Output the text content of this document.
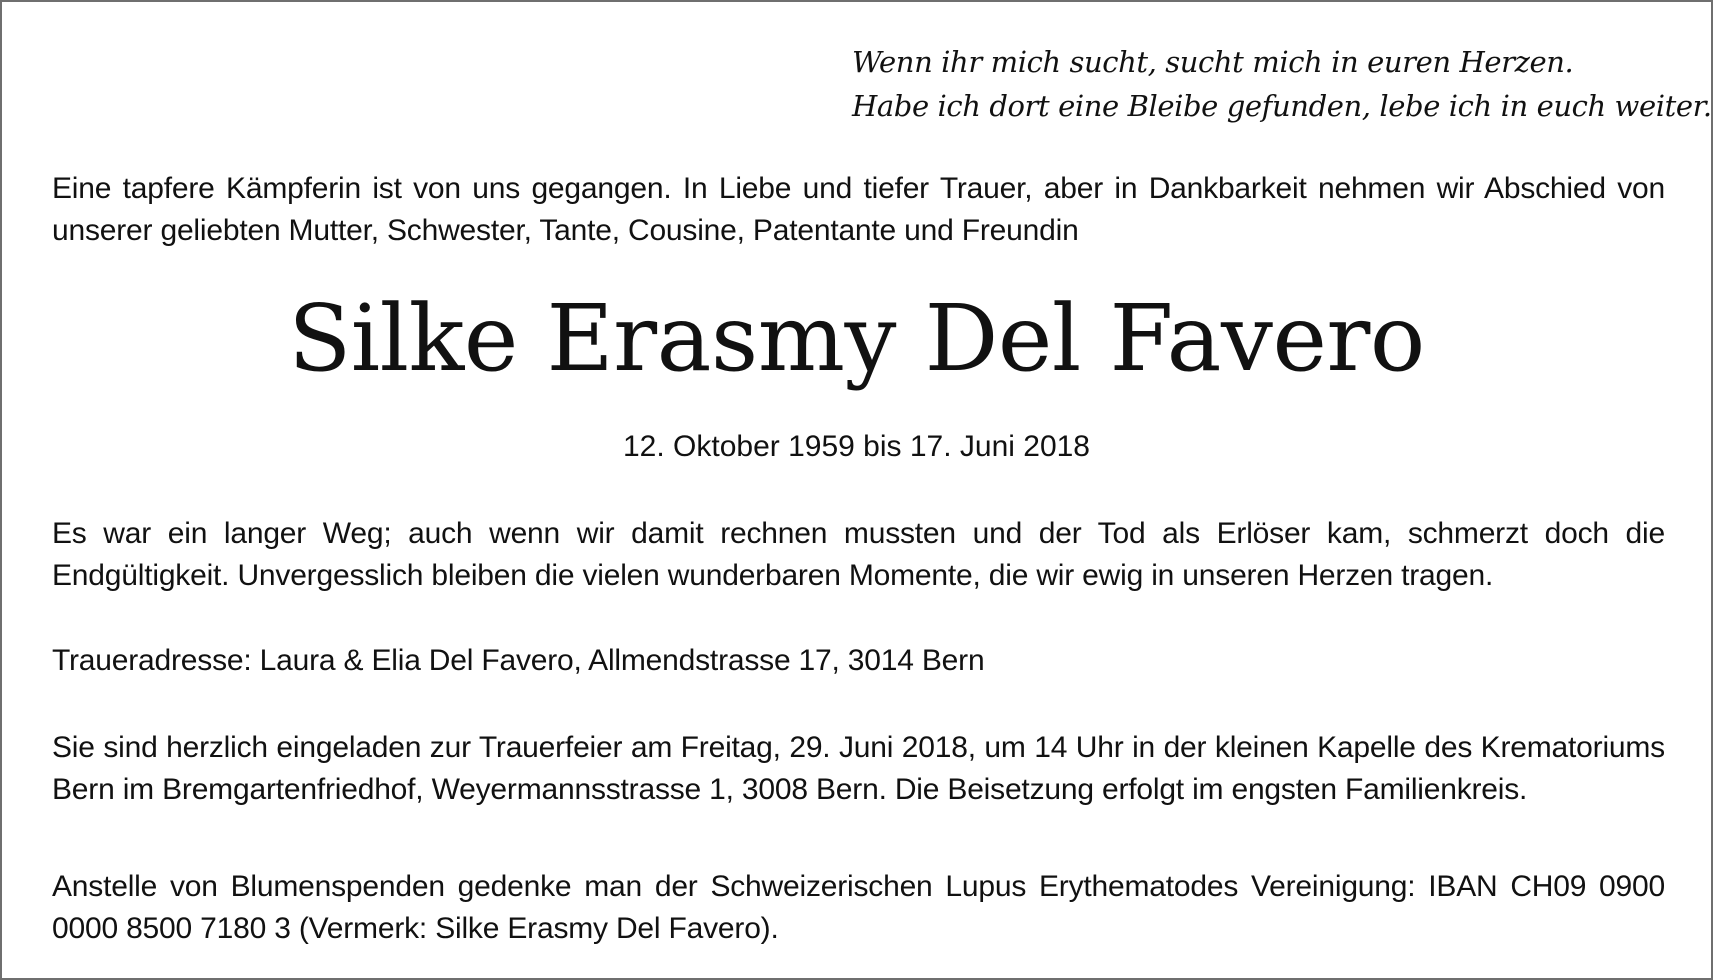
Wenn ihr mich sucht, sucht mich in euren Herzen.
Habe ich dort eine Bleibe gefunden, lebe ich in euch weiter.
Eine tapfere Kämpferin ist von uns gegangen. In Liebe und tiefer Trauer, aber in Dankbarkeit nehmen wir Abschied von unserer geliebten Mutter, Schwester, Tante, Cousine, Patentante und Freundin
Silke Erasmy Del Favero
12. Oktober 1959 bis 17. Juni 2018
Es war ein langer Weg; auch wenn wir damit rechnen mussten und der Tod als Erlöser kam, schmerzt doch die Endgültigkeit. Unvergesslich bleiben die vielen wunderbaren Momente, die wir ewig in unseren Herzen tragen.
Traueradresse: Laura & Elia Del Favero, Allmendstrasse 17, 3014 Bern
Sie sind herzlich eingeladen zur Trauerfeier am Freitag, 29. Juni 2018, um 14 Uhr in der kleinen Kapelle des Krematoriums Bern im Bremgartenfriedhof, Weyermannsstrasse 1, 3008 Bern. Die Beisetzung erfolgt im engsten Familienkreis.
Anstelle von Blumenspenden gedenke man der Schweizerischen Lupus Erythematodes Vereinigung: IBAN CH09 0900 0000 8500 7180 3 (Vermerk: Silke Erasmy Del Favero).
